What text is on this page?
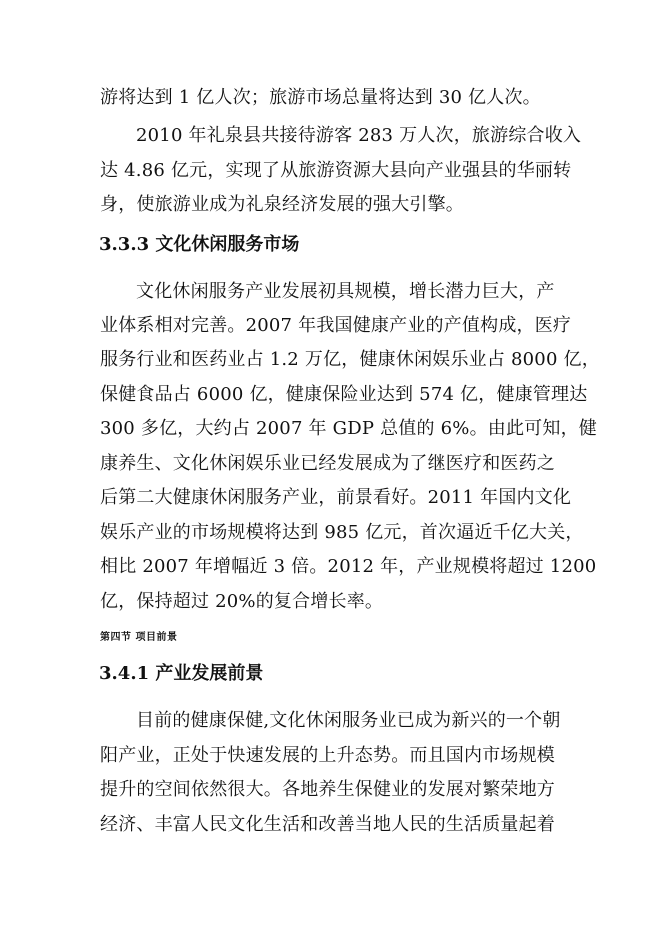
游将达到 1 亿人次；旅游市场总量将达到 30 亿人次。
2010 年礼泉县共接待游客 283 万人次，旅游综合收入
达 4.86 亿元，实现了从旅游资源大县向产业强县的华丽转
身，使旅游业成为礼泉经济发展的强大引擎。
3.3.3 文化休闲服务市场
文化休闲服务产业发展初具规模，增长潜力巨大，产
业体系相对完善。2007 年我国健康产业的产值构成，医疗
服务行业和医药业占 1.2 万亿，健康休闲娱乐业占 8000 亿，
保健食品占 6000 亿，健康保险业达到 574 亿，健康管理达
300 多亿，大约占 2007 年 GDP 总值的 6%。由此可知，健
康养生、文化休闲娱乐业已经发展成为了继医疗和医药之
后第二大健康休闲服务产业，前景看好。2011 年国内文化
娱乐产业的市场规模将达到 985 亿元，首次逼近千亿大关，
相比 2007 年增幅近 3 倍。2012 年，产业规模将超过 1200
亿，保持超过 20%的复合增长率。
第四节 项目前景
3.4.1 产业发展前景
目前的健康保健,文化休闲服务业已成为新兴的一个朝
阳产业，正处于快速发展的上升态势。而且国内市场规模
提升的空间依然很大。各地养生保健业的发展对繁荣地方
经济、丰富人民文化生活和改善当地人民的生活质量起着
